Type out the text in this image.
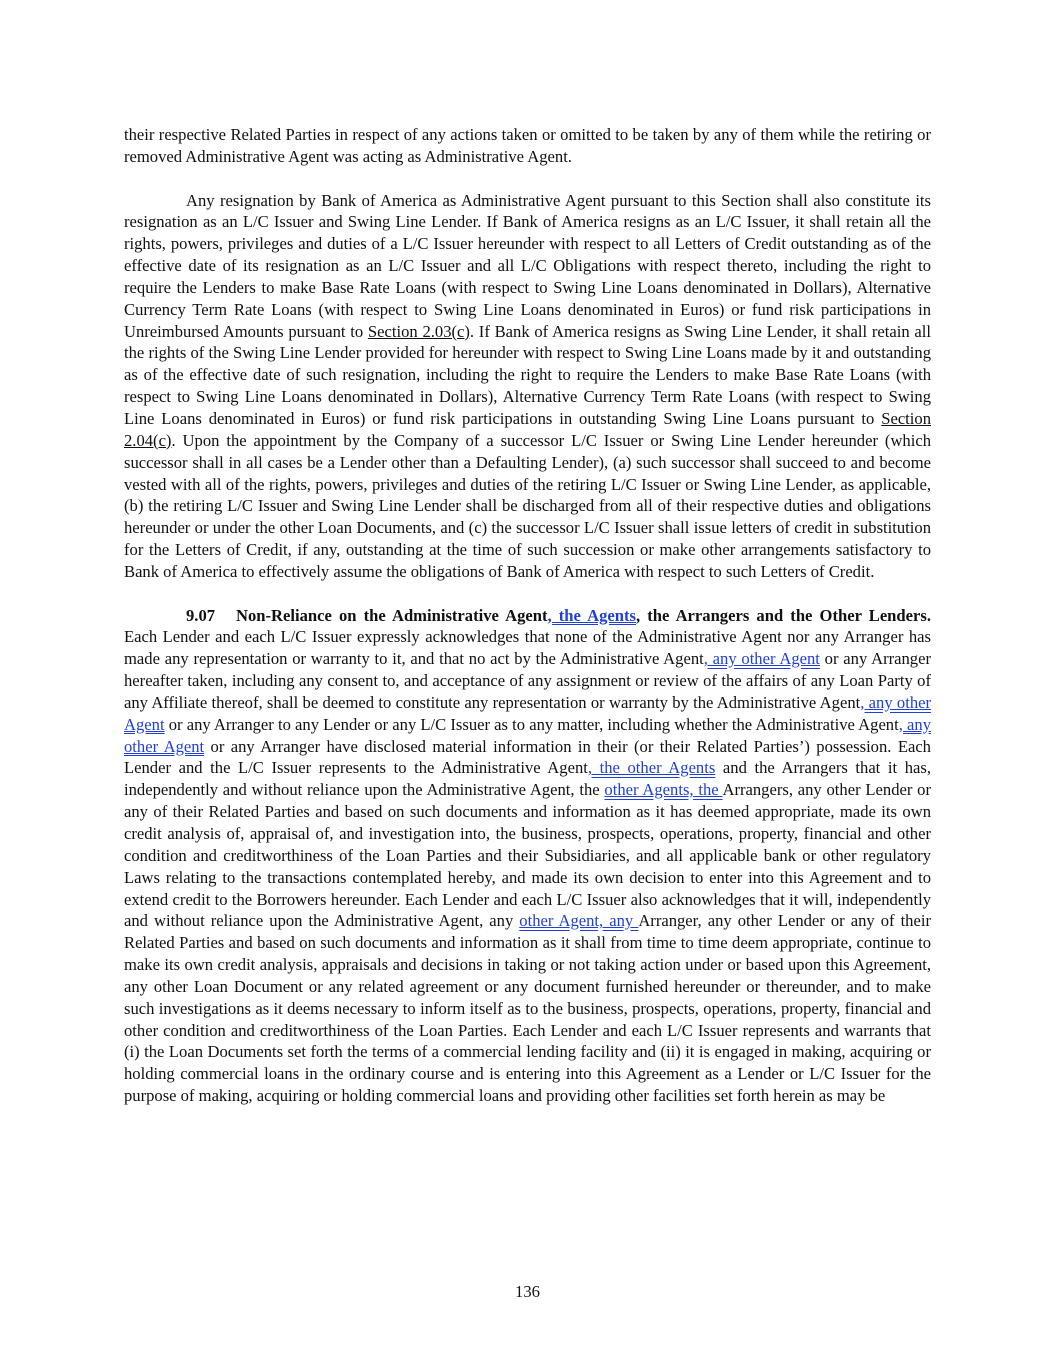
their respective Related Parties in respect of any actions taken or omitted to be taken by any of them while the retiring or removed Administrative Agent was acting as Administrative Agent.

Any resignation by Bank of America as Administrative Agent pursuant to this Section shall also constitute its resignation as an L/C Issuer and Swing Line Lender. If Bank of America resigns as an L/C Issuer, it shall retain all the rights, powers, privileges and duties of a L/C Issuer hereunder with respect to all Letters of Credit outstanding as of the effective date of its resignation as an L/C Issuer and all L/C Obligations with respect thereto, including the right to require the Lenders to make Base Rate Loans (with respect to Swing Line Loans denominated in Dollars), Alternative Currency Term Rate Loans (with respect to Swing Line Loans denominated in Euros) or fund risk participations in Unreimbursed Amounts pursuant to Section 2.03(c). If Bank of America resigns as Swing Line Lender, it shall retain all the rights of the Swing Line Lender provided for hereunder with respect to Swing Line Loans made by it and outstanding as of the effective date of such resignation, including the right to require the Lenders to make Base Rate Loans (with respect to Swing Line Loans denominated in Dollars), Alternative Currency Term Rate Loans (with respect to Swing Line Loans denominated in Euros) or fund risk participations in outstanding Swing Line Loans pursuant to Section 2.04(c). Upon the appointment by the Company of a successor L/C Issuer or Swing Line Lender hereunder (which successor shall in all cases be a Lender other than a Defaulting Lender), (a) such successor shall succeed to and become vested with all of the rights, powers, privileges and duties of the retiring L/C Issuer or Swing Line Lender, as applicable, (b) the retiring L/C Issuer and Swing Line Lender shall be discharged from all of their respective duties and obligations hereunder or under the other Loan Documents, and (c) the successor L/C Issuer shall issue letters of credit in substitution for the Letters of Credit, if any, outstanding at the time of such succession or make other arrangements satisfactory to Bank of America to effectively assume the obligations of Bank of America with respect to such Letters of Credit.

9.07 Non-Reliance on the Administrative Agent, the Agents, the Arrangers and the Other Lenders. Each Lender and each L/C Issuer expressly acknowledges that none of the Administrative Agent nor any Arranger has made any representation or warranty to it, and that no act by the Administrative Agent, any other Agent or any Arranger hereafter taken, including any consent to, and acceptance of any assignment or review of the affairs of any Loan Party of any Affiliate thereof, shall be deemed to constitute any representation or warranty by the Administrative Agent, any other Agent or any Arranger to any Lender or any L/C Issuer as to any matter, including whether the Administrative Agent, any other Agent or any Arranger have disclosed material information in their (or their Related Parties’) possession. Each Lender and the L/C Issuer represents to the Administrative Agent, the other Agents and the Arrangers that it has, independently and without reliance upon the Administrative Agent, the other Agents, the Arrangers, any other Lender or any of their Related Parties and based on such documents and information as it has deemed appropriate, made its own credit analysis of, appraisal of, and investigation into, the business, prospects, operations, property, financial and other condition and creditworthiness of the Loan Parties and their Subsidiaries, and all applicable bank or other regulatory Laws relating to the transactions contemplated hereby, and made its own decision to enter into this Agreement and to extend credit to the Borrowers hereunder. Each Lender and each L/C Issuer also acknowledges that it will, independently and without reliance upon the Administrative Agent, any other Agent, any Arranger, any other Lender or any of their Related Parties and based on such documents and information as it shall from time to time deem appropriate, continue to make its own credit analysis, appraisals and decisions in taking or not taking action under or based upon this Agreement, any other Loan Document or any related agreement or any document furnished hereunder or thereunder, and to make such investigations as it deems necessary to inform itself as to the business, prospects, operations, property, financial and other condition and creditworthiness of the Loan Parties. Each Lender and each L/C Issuer represents and warrants that (i) the Loan Documents set forth the terms of a commercial lending facility and (ii) it is engaged in making, acquiring or holding commercial loans in the ordinary course and is entering into this Agreement as a Lender or L/C Issuer for the purpose of making, acquiring or holding commercial loans and providing other facilities set forth herein as may be

136
